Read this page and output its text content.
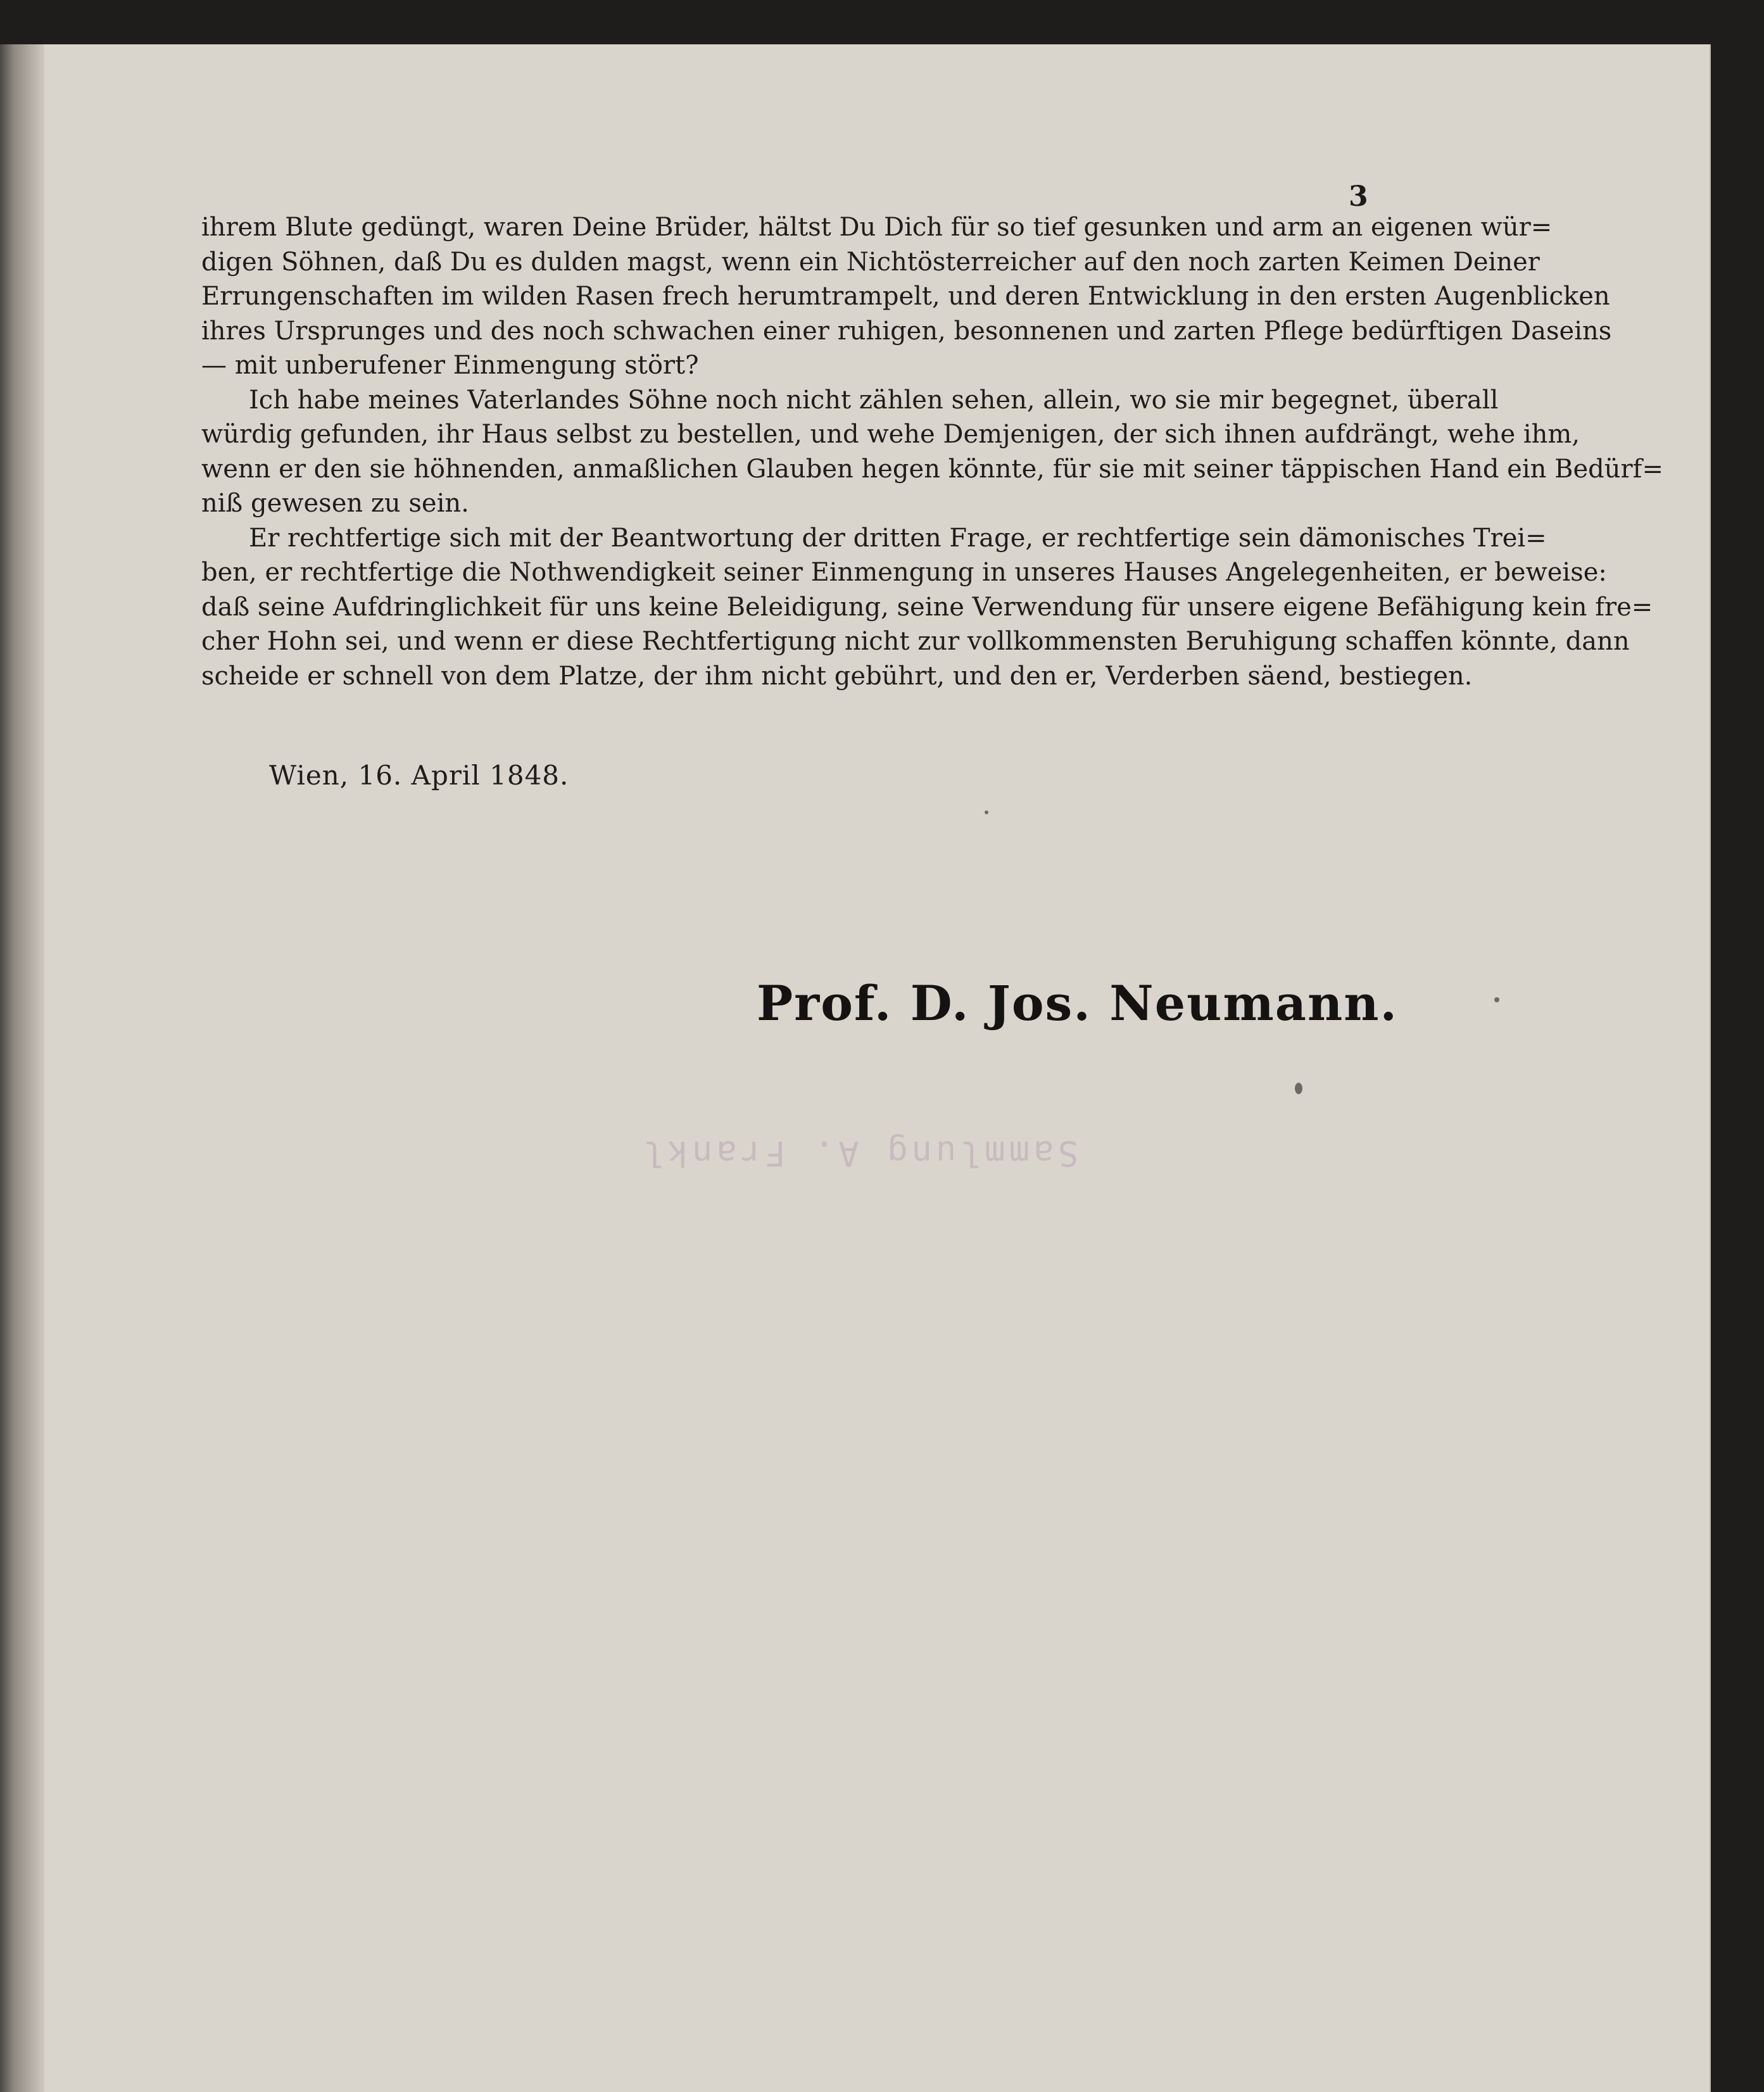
3

ihrem Blute gedüngt, waren Deine Brüder, hältst Du Dich für so tief gesunken und arm an eigenen wür=
digen Söhnen, daß Du es dulden magst, wenn ein Nichtösterreicher auf den noch zarten Keimen Deiner
Errungenschaften im wilden Rasen frech herumtrampelt, und deren Entwicklung in den ersten Augenblicken
ihres Ursprunges und des noch schwachen einer ruhigen, besonnenen und zarten Pflege bedürftigen Daseins
— mit unberufener Einmengung stört?

Ich habe meines Vaterlandes Söhne noch nicht zählen sehen, allein, wo sie mir begegnet, überall
würdig gefunden, ihr Haus selbst zu bestellen, und wehe Demjenigen, der sich ihnen aufdrängt, wehe ihm,
wenn er den sie höhnenden, anmaßlichen Glauben hegen könnte, für sie mit seiner täppischen Hand ein Bedürf=
niß gewesen zu sein.

Er rechtfertige sich mit der Beantwortung der dritten Frage, er rechtfertige sein dämonisches Trei=
ben, er rechtfertige die Nothwendigkeit seiner Einmengung in unseres Hauses Angelegenheiten, er beweise:
daß seine Aufdringlichkeit für uns keine Beleidigung, seine Verwendung für unsere eigene Befähigung kein fre=
cher Hohn sei, und wenn er diese Rechtfertigung nicht zur vollkommensten Beruhigung schaffen könnte, dann
scheide er schnell von dem Platze, der ihm nicht gebührt, und den er, Verderben säend, bestiegen.

Wien, 16. April 1848.
Prof. D. Jos. Neumann.
Sammlung A. Frankl
